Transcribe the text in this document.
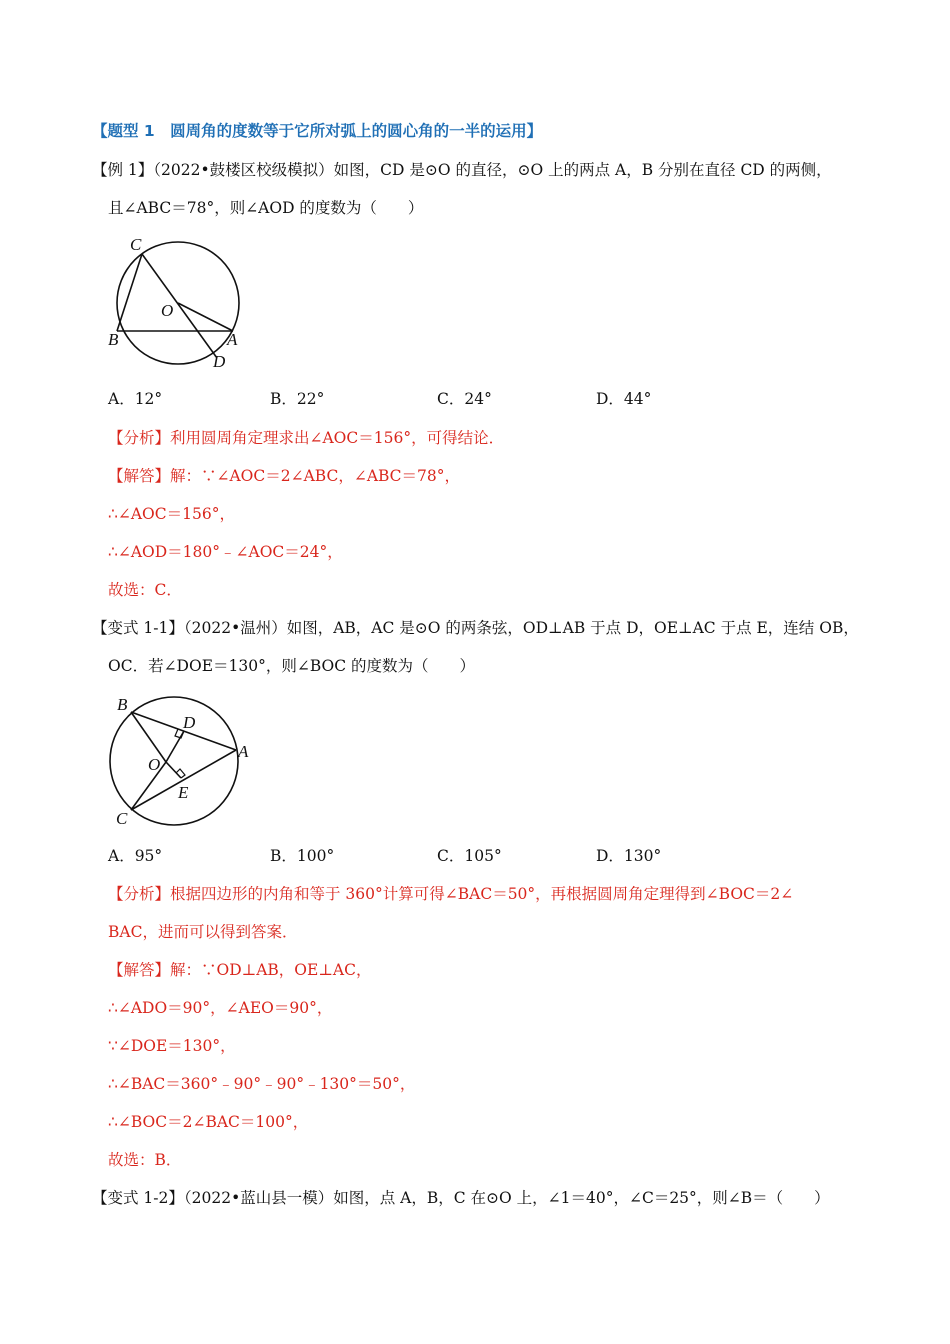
【题型 1　圆周角的度数等于它所对弧上的圆心角的一半的运用】
【例 1】（2022•鼓楼区校级模拟）如图，CD 是⊙O 的直径，⊙O 上的两点 A，B 分别在直径 CD 的两侧，
且∠ABC＝78°，则∠AOD 的度数为（　　）
C
O
B	A
D
A．12°	B．22°	C．24°	D．44°
【分析】利用圆周角定理求出∠AOC＝156°，可得结论．
【解答】解：∵∠AOC＝2∠ABC，∠ABC＝78°，
∴∠AOC＝156°，
∴∠AOD＝180°﹣∠AOC＝24°，
故选：C．
【变式 1-1】（2022•温州）如图，AB，AC 是⊙O 的两条弦，OD⊥AB 于点 D，OE⊥AC 于点 E，连结 OB，
OC．若∠DOE＝130°，则∠BOC 的度数为（　　）
B
D
A
O
E
C
A．95°	B．100°	C．105°	D．130°
【分析】根据四边形的内角和等于 360°计算可得∠BAC＝50°，再根据圆周角定理得到∠BOC＝2∠
BAC，进而可以得到答案．
【解答】解：∵OD⊥AB，OE⊥AC，
∴∠ADO＝90°，∠AEO＝90°，
∵∠DOE＝130°，
∴∠BAC＝360°﹣90°﹣90°﹣130°＝50°，
∴∠BOC＝2∠BAC＝100°，
故选：B．
【变式 1-2】（2022•蓝山县一模）如图，点 A，B，C 在⊙O 上，∠1＝40°，∠C＝25°，则∠B＝（　　）
